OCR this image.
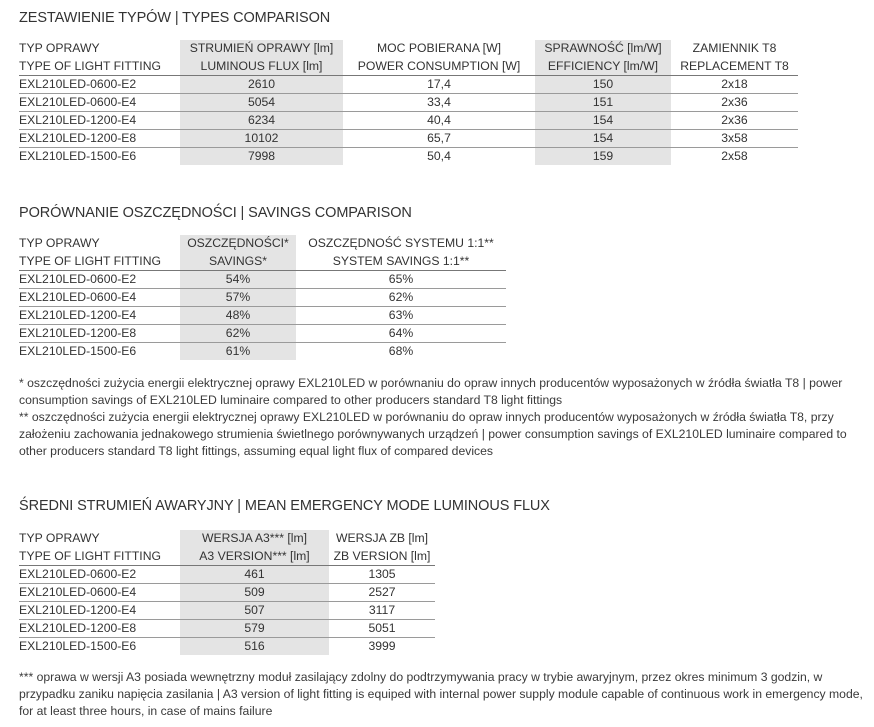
ZESTAWIENIE TYPÓW | TYPES COMPARISON
TYP OPRAWY	STRUMIEŃ OPRAWY [lm]	MOC POBIERANA [W]	SPRAWNOŚĆ [lm/W]	ZAMIENNIK T8
TYPE OF LIGHT FITTING	LUMINOUS FLUX [lm]	POWER CONSUMPTION [W]	EFFICIENCY [lm/W]	REPLACEMENT T8
EXL210LED-0600-E2	2610	17,4	150	2x18
EXL210LED-0600-E4	5054	33,4	151	2x36
EXL210LED-1200-E4	6234	40,4	154	2x36
EXL210LED-1200-E8	10102	65,7	154	3x58
EXL210LED-1500-E6	7998	50,4	159	2x58
PORÓWNANIE OSZCZĘDNOŚCI | SAVINGS COMPARISON
TYP OPRAWY	OSZCZĘDNOŚCI*	OSZCZĘDNOŚĆ SYSTEMU 1:1**
TYPE OF LIGHT FITTING	SAVINGS*	SYSTEM SAVINGS 1:1**
EXL210LED-0600-E2	54%	65%
EXL210LED-0600-E4	57%	62%
EXL210LED-1200-E4	48%	63%
EXL210LED-1200-E8	62%	64%
EXL210LED-1500-E6	61%	68%

* oszczędności zużycia energii elektrycznej oprawy EXL210LED w porównaniu do opraw innych producentów wyposażonych w źródła światła T8 | power consumption savings of EXL210LED luminaire compared to other producers standard T8 light fittings

** oszczędności zużycia energii elektrycznej oprawy EXL210LED w porównaniu do opraw innych producentów wyposażonych w źródła światła T8, przy założeniu zachowania jednakowego strumienia świetlnego porównywanych urządzeń | power consumption savings of EXL210LED luminaire compared to other producers standard T8 light fittings, assuming equal light flux of compared devices

ŚREDNI STRUMIEŃ AWARYJNY | MEAN EMERGENCY MODE LUMINOUS FLUX
TYP OPRAWY	WERSJA A3*** [lm]	WERSJA ZB [lm]
TYPE OF LIGHT FITTING	A3 VERSION*** [lm]	ZB VERSION [lm]
EXL210LED-0600-E2	461	1305
EXL210LED-0600-E4	509	2527
EXL210LED-1200-E4	507	3117
EXL210LED-1200-E8	579	5051
EXL210LED-1500-E6	516	3999

*** oprawa w wersji A3 posiada wewnętrzny moduł zasilający zdolny do podtrzymywania pracy w trybie awaryjnym, przez okres minimum 3 godzin, w przypadku zaniku napięcia zasilania | A3 version of light fitting is equiped with internal power supply module capable of continuous work in emergency mode, for at least three hours, in case of mains failure
